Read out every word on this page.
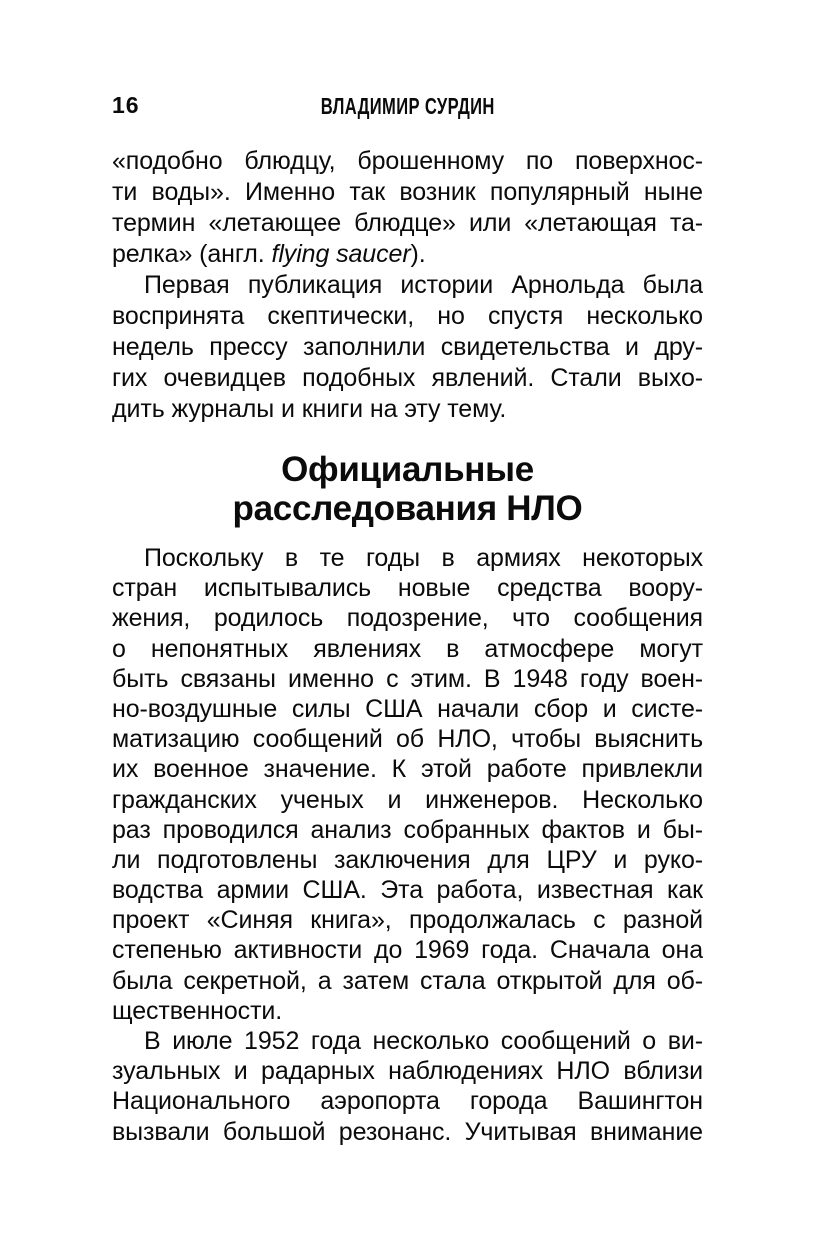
16	ВЛАДИМИР СУРДИН
«подобно блюдцу, брошенному по поверхнос-
ти воды». Именно так возник популярный ныне
термин «летающее блюдце» или «летающая та-
релка» (англ. flying saucer).
Первая публикация истории Арнольда была
воспринята скептически, но спустя несколько
недель прессу заполнили свидетельства и дру-
гих очевидцев подобных явлений. Стали выхо-
дить журналы и книги на эту тему.
Официальные
расследования НЛО
Поскольку в те годы в армиях некоторых
стран испытывались новые средства воору-
жения, родилось подозрение, что сообщения
о непонятных явлениях в атмосфере могут
быть связаны именно с этим. В 1948 году воен-
но-воздушные силы США начали сбор и систе-
матизацию сообщений об НЛО, чтобы выяснить
их военное значение. К этой работе привлекли
гражданских ученых и инженеров. Несколько
раз проводился анализ собранных фактов и бы-
ли подготовлены заключения для ЦРУ и руко-
водства армии США. Эта работа, известная как
проект «Синяя книга», продолжалась с разной
степенью активности до 1969 года. Сначала она
была секретной, а затем стала открытой для об-
щественности.
В июле 1952 года несколько сообщений о ви-
зуальных и радарных наблюдениях НЛО вблизи
Национального аэропорта города Вашингтон
вызвали большой резонанс. Учитывая внимание
